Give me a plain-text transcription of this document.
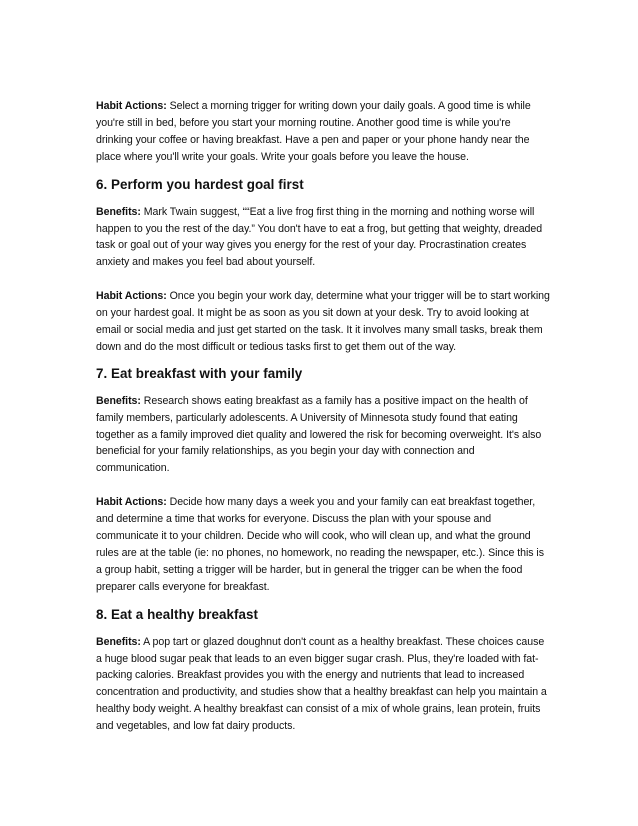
Habit Actions: Select a morning trigger for writing down your daily goals. A good time is while you're still in bed, before you start your morning routine. Another good time is while you're drinking your coffee or having breakfast. Have a pen and paper or your phone handy near the place where you'll write your goals. Write your goals before you leave the house.

6. Perform you hardest goal first

Benefits: Mark Twain suggest, ““Eat a live frog first thing in the morning and nothing worse will happen to you the rest of the day.” You don't have to eat a frog, but getting that weighty, dreaded task or goal out of your way gives you energy for the rest of your day. Procrastination creates anxiety and makes you feel bad about yourself.

Habit Actions: Once you begin your work day, determine what your trigger will be to start working on your hardest goal. It might be as soon as you sit down at your desk. Try to avoid looking at email or social media and just get started on the task. It it involves many small tasks, break them down and do the most difficult or tedious tasks first to get them out of the way.

7. Eat breakfast with your family

Benefits: Research shows eating breakfast as a family has a positive impact on the health of family members, particularly adolescents. A University of Minnesota study found that eating together as a family improved diet quality and lowered the risk for becoming overweight. It's also beneficial for your family relationships, as you begin your day with connection and communication.

Habit Actions: Decide how many days a week you and your family can eat breakfast together, and determine a time that works for everyone. Discuss the plan with your spouse and communicate it to your children. Decide who will cook, who will clean up, and what the ground rules are at the table (ie: no phones, no homework, no reading the newspaper, etc.). Since this is a group habit, setting a trigger will be harder, but in general the trigger can be when the food preparer calls everyone for breakfast.

8. Eat a healthy breakfast

Benefits: A pop tart or glazed doughnut don't count as a healthy breakfast. These choices cause a huge blood sugar peak that leads to an even bigger sugar crash. Plus, they're loaded with fat-packing calories. Breakfast provides you with the energy and nutrients that lead to increased concentration and productivity, and studies show that a healthy breakfast can help you maintain a healthy body weight. A healthy breakfast can consist of a mix of whole grains, lean protein, fruits and vegetables, and low fat dairy products.
